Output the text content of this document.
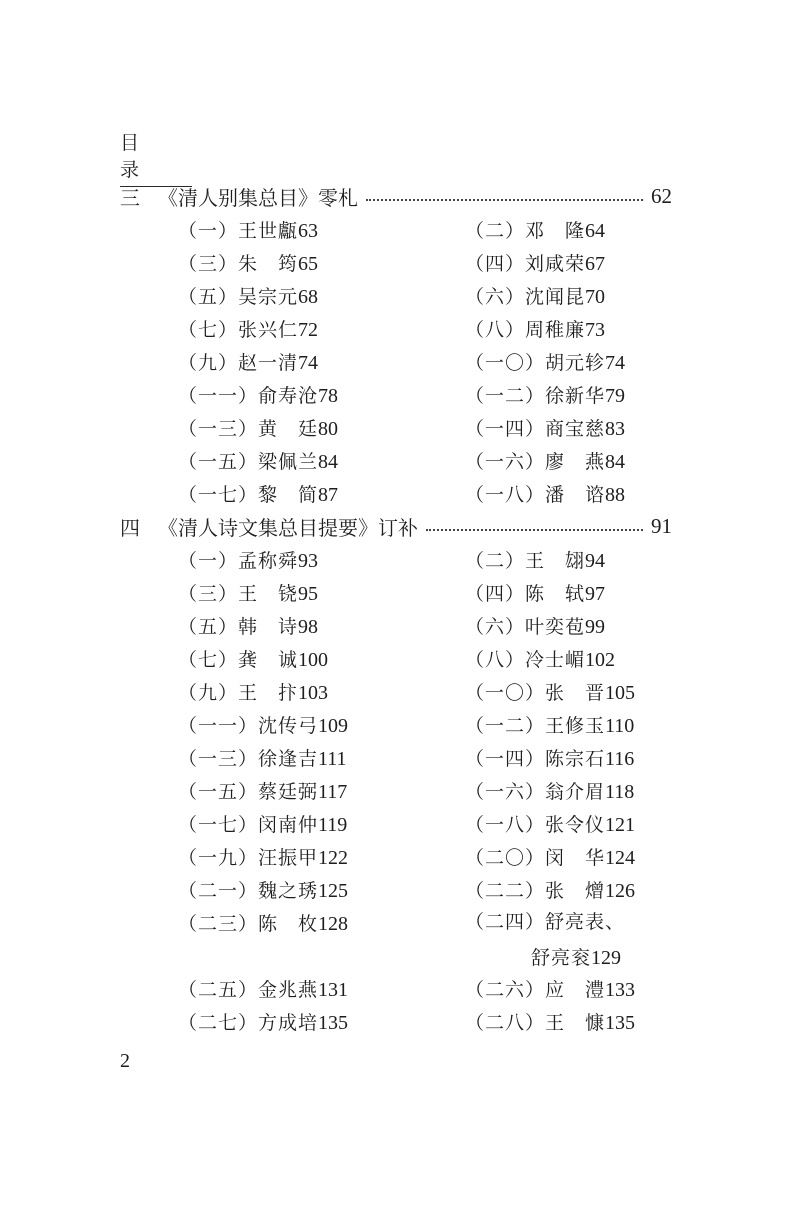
目 录
三 《清人别集总目》零札	62
（一）王世甗63	（二）邓　隆64
（三）朱　筠65	（四）刘咸荣67
（五）吴宗元68	（六）沈闻昆70
（七）张兴仁72	（八）周稚廉73
（九）赵一清74	（一〇）胡元轸74
（一一）俞寿沧78	（一二）徐新华79
（一三）黄　廷80	（一四）商宝慈83
（一五）梁佩兰84	（一六）廖　燕84
（一七）黎　简87	（一八）潘　谘88
四 《清人诗文集总目提要》订补	91
（一）孟称舜93	（二）王　翃94
（三）王　铙95	（四）陈　轼97
（五）韩　诗98	（六）叶奕苞99
（七）龚　诚100	（八）冷士嵋102
（九）王　抃103	（一〇）张　晋105
（一一）沈传弓109	（一二）王修玉110
（一三）徐逢吉111	（一四）陈宗石116
（一五）蔡廷弼117	（一六）翁介眉118
（一七）闵南仲119	（一八）张令仪121
（一九）汪振甲122	（二〇）闵　华124
（二一）魏之琇125	（二二）张　熷126
（二三）陈　枚128	（二四）舒亮表、
舒亮衮129
（二五）金兆燕131	（二六）应　澧133
（二七）方成培135	（二八）王　慷135
2
